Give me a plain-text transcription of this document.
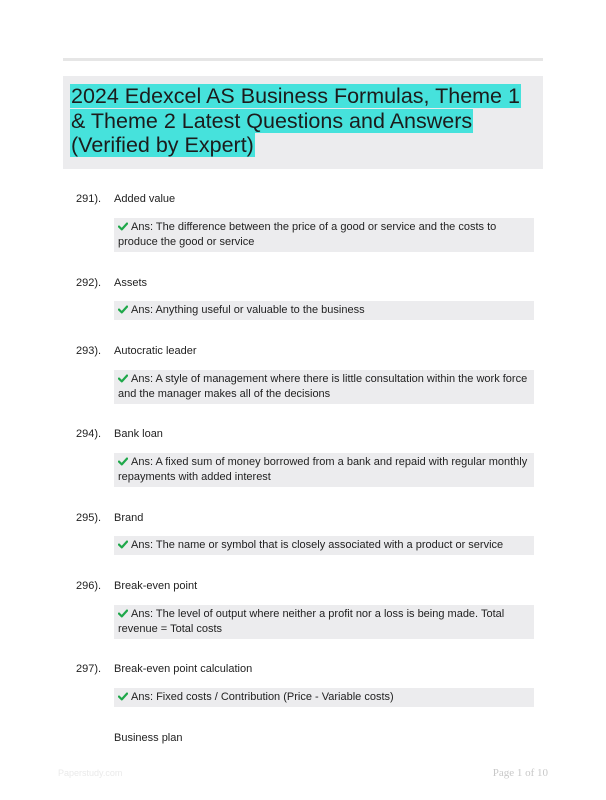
2024 Edexcel AS Business Formulas, Theme 1 & Theme 2 Latest Questions and Answers (Verified by Expert)
291). Added value
Ans: The difference between the price of a good or service and the costs to produce the good or service
292). Assets
Ans: Anything useful or valuable to the business
293). Autocratic leader
Ans: A style of management where there is little consultation within the work force and the manager makes all of the decisions
294). Bank loan
Ans: A fixed sum of money borrowed from a bank and repaid with regular monthly repayments with added interest
295). Brand
Ans: The name or symbol that is closely associated with a product or service
296). Break-even point
Ans: The level of output where neither a profit nor a loss is being made. Total revenue = Total costs
297). Break-even point calculation
Ans: Fixed costs / Contribution (Price - Variable costs)
Business plan
Paperstudy.com	Page 1 of 10
